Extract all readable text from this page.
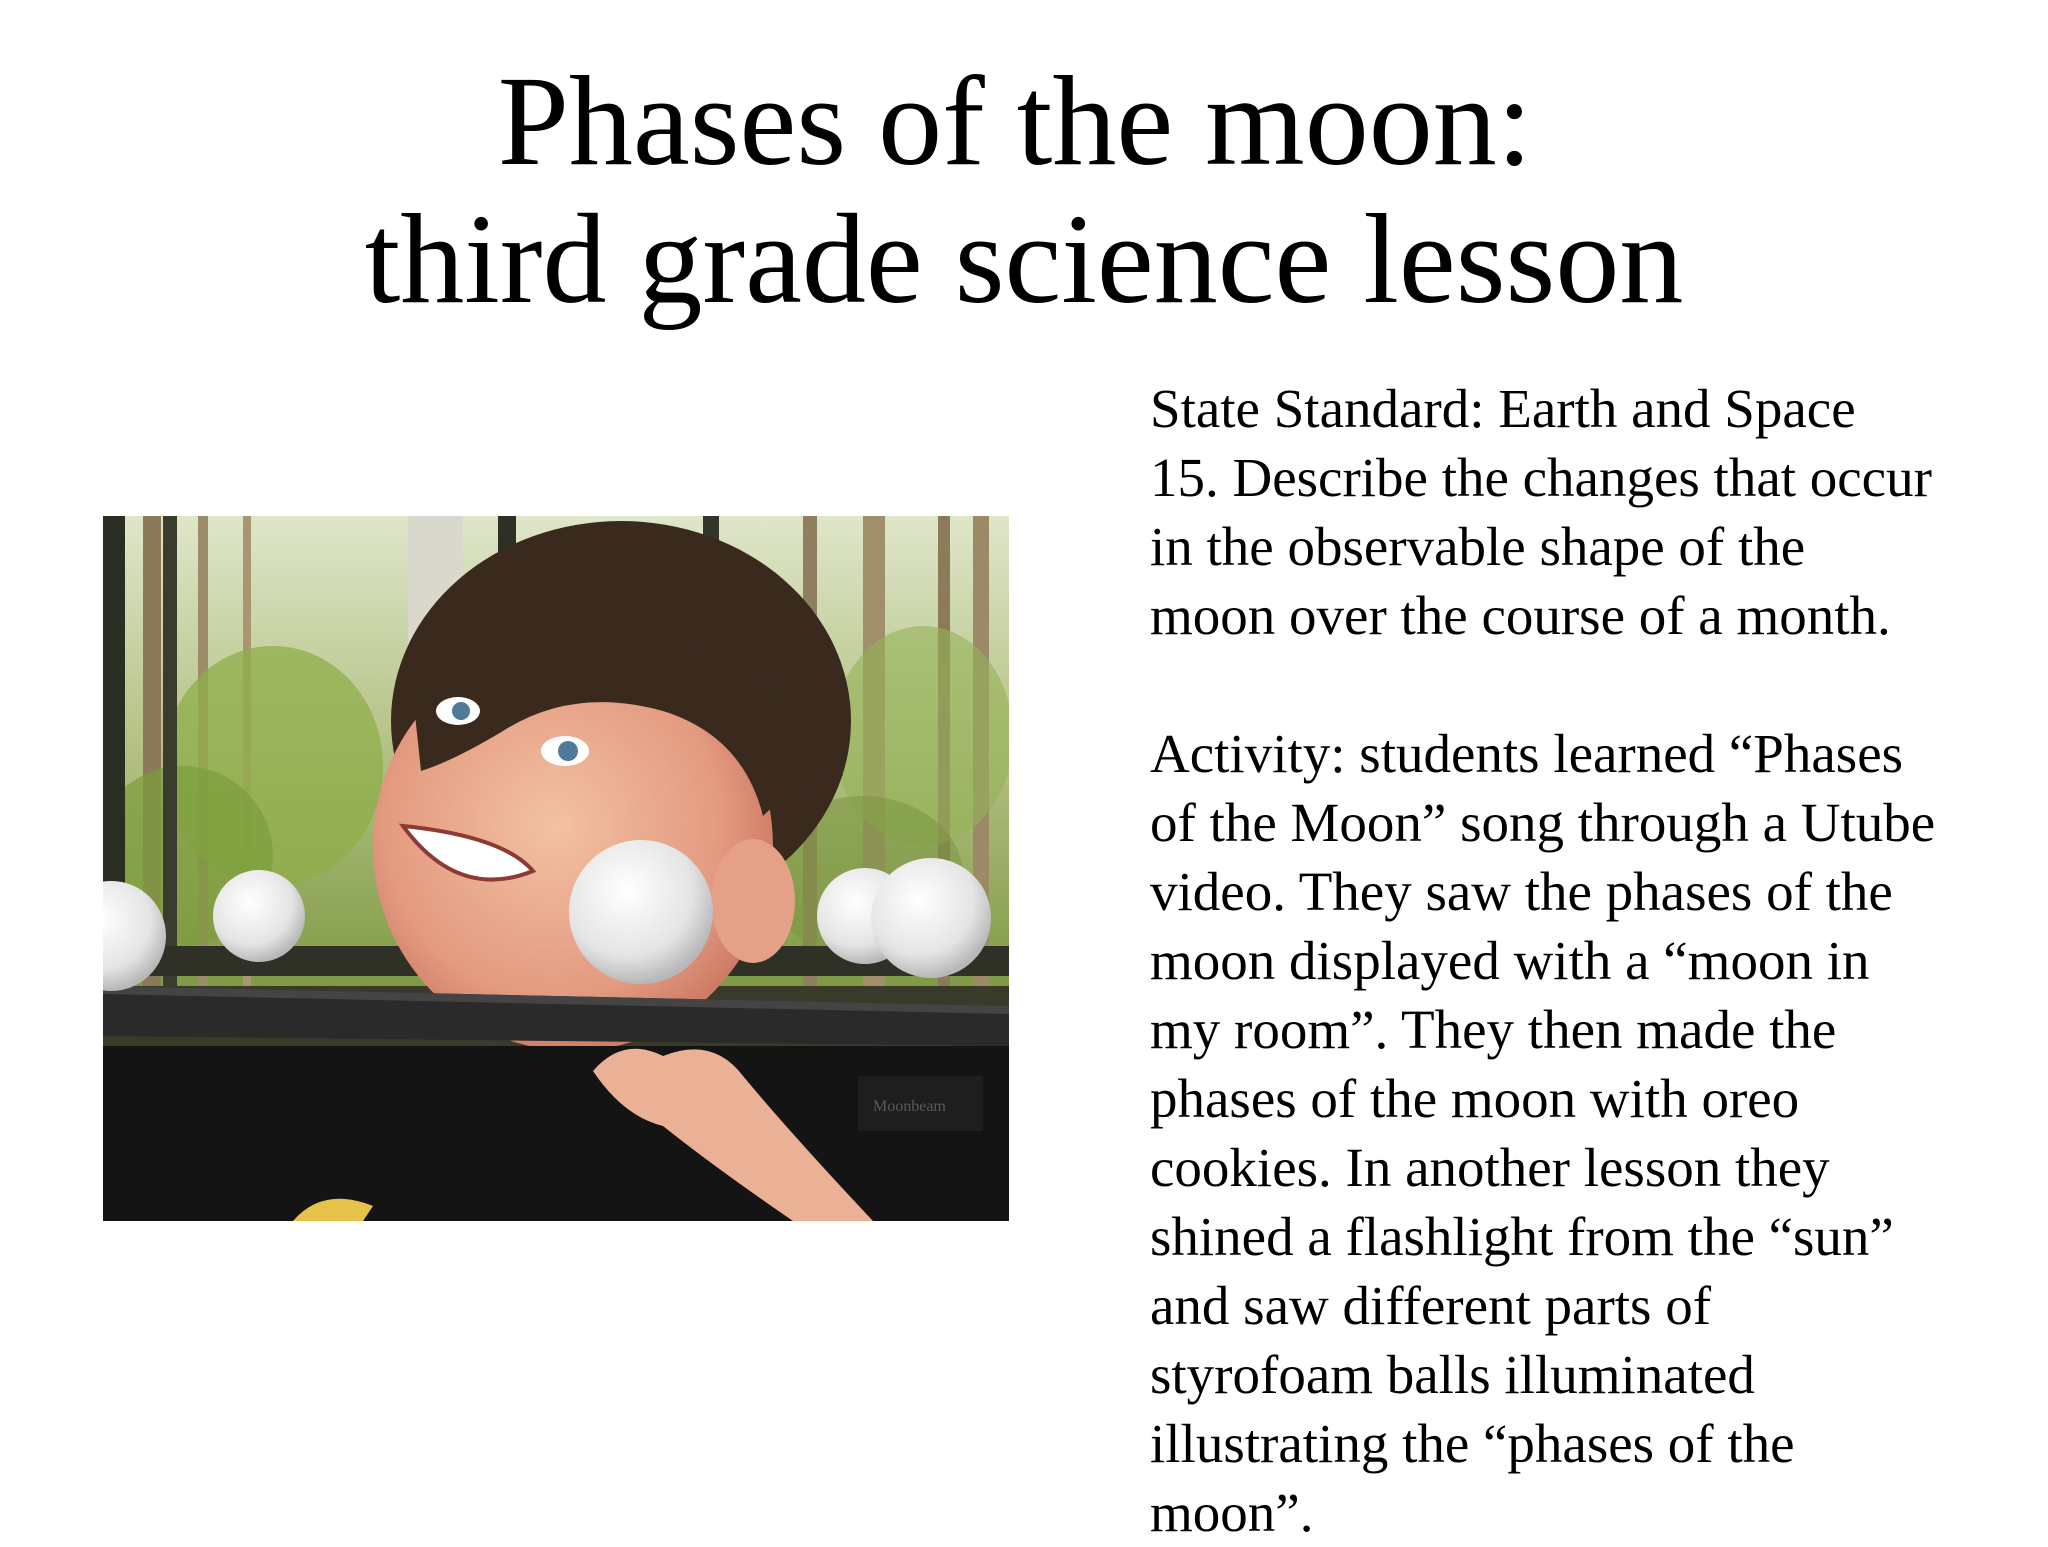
Phases of the moon:
third grade science lesson
Moonbeam

State Standard: Earth and Space
15. Describe the changes that occur
in the observable shape of the
moon over the course of a month.

Activity: students learned “Phases
of the Moon” song through a Utube
video. They saw the phases of the
moon displayed with a “moon in
my room”. They then made the
phases of the moon with oreo
cookies. In another lesson they
shined a flashlight from the “sun”
and saw different parts of
styrofoam balls illuminated
illustrating the “phases of the
moon”.
